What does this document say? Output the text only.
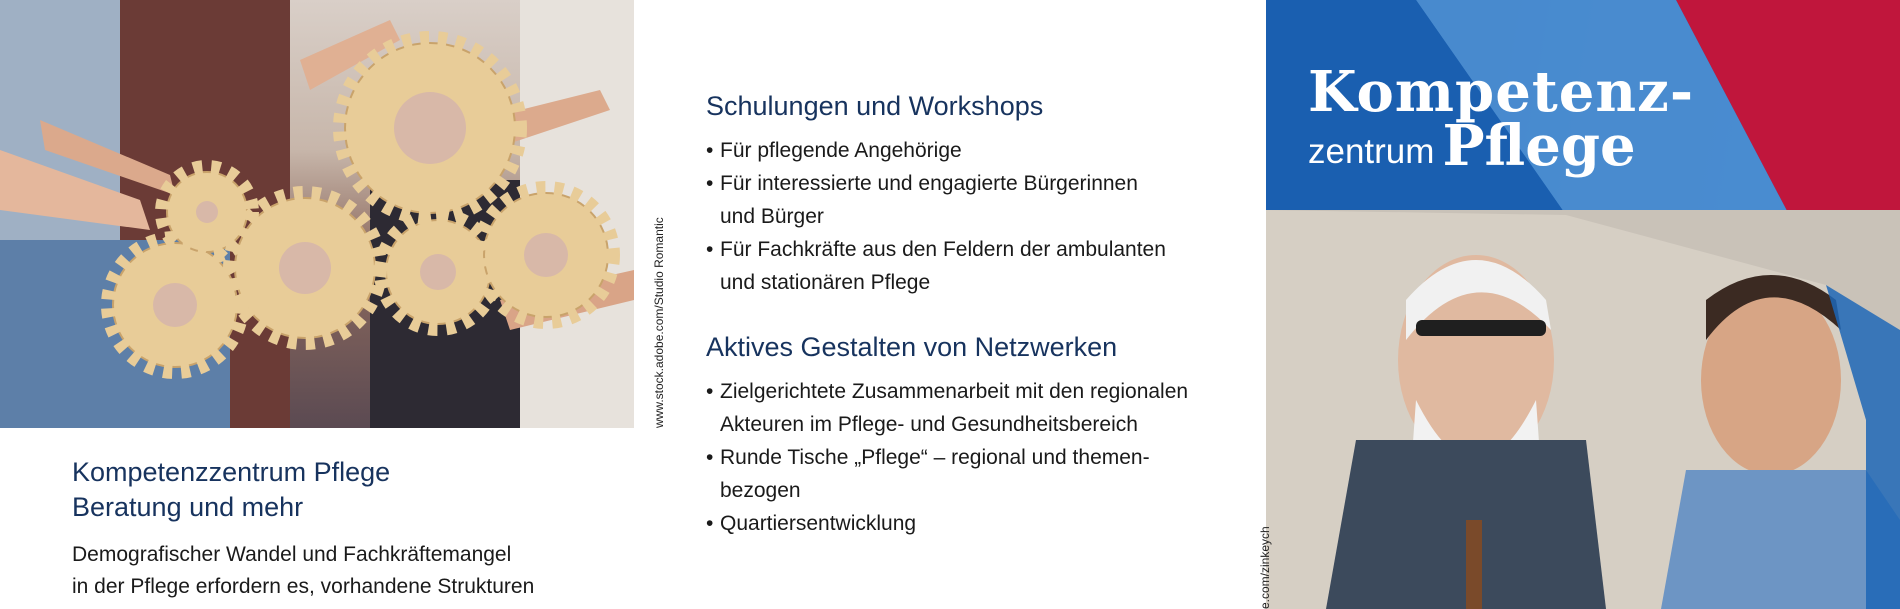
www.stock.adobe.com/Studio Romantic
Kompetenzzentrum Pflege
Beratung und mehr

Demografischer Wandel und Fachkräftemangel
in der Pflege erfordern es, vorhandene Strukturen

Schulungen und Workshops
• Für pflegende Angehörige
• Für interessierte und engagierte Bürgerinnen
und Bürger
• Für Fachkräfte aus den Feldern der ambulanten
und stationären Pflege
Aktives Gestalten von Netzwerken
• Zielgerichtete Zusammenarbeit mit den regionalen
Akteuren im Pflege- und Gesundheitsbereich
• Runde Tische „Pflege“ – regional und themen-
bezogen
• Quartiersentwicklung
Kompetenz-
zentrum Pflege
e.com/zinkeych
